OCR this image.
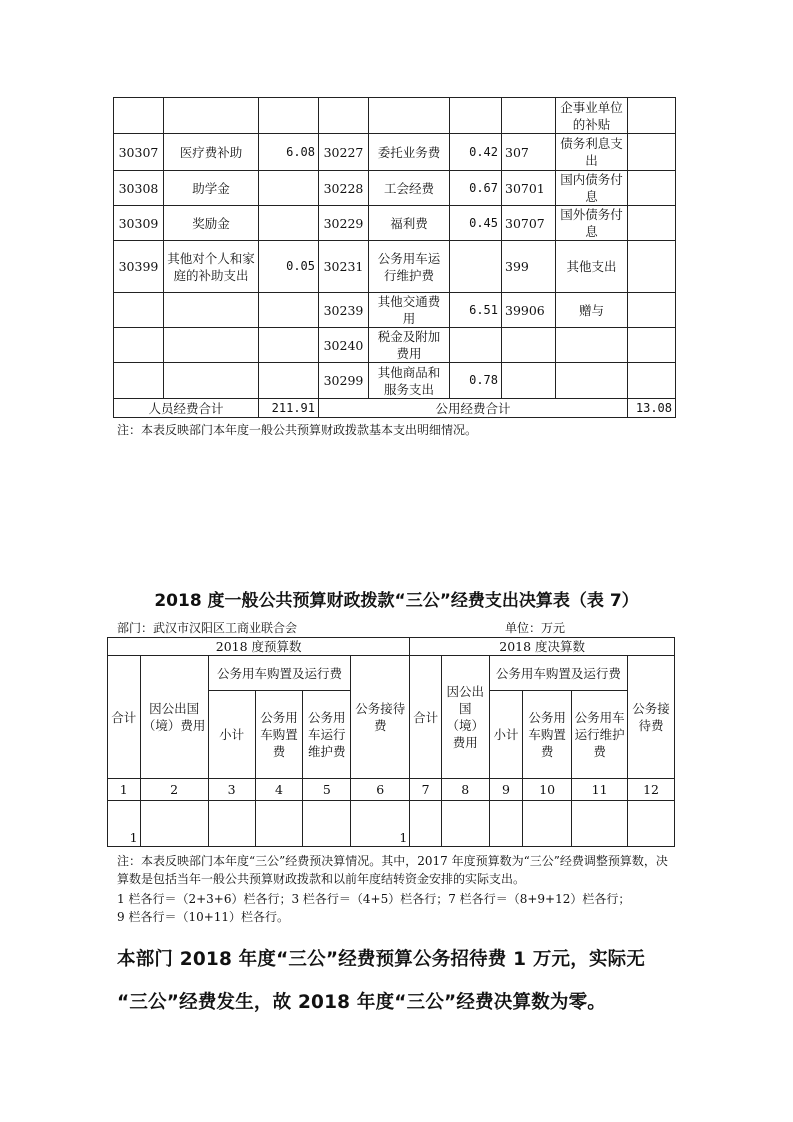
							企事业单位的补贴	
30307	医疗费补助	6.08	30227	委托业务费	0.42	307	债务利息支出	
30308	助学金		30228	工会经费	0.67	30701	国内债务付息	
30309	奖励金		30229	福利费	0.45	30707	国外债务付息	
30399	其他对个人和家庭的补助支出	0.05	30231	公务用车运行维护费		399	其他支出	
			30239	其他交通费用	6.51	39906	赠与	
			30240	税金及附加费用				
			30299	其他商品和服务支出	0.78			
人员经费合计		211.91	公用经费合计					13.08
注：本表反映部门本年度一般公共预算财政拨款基本支出明细情况。
2018 度一般公共预算财政拨款“三公”经费支出决算表（表 7）
部门：武汉市汉阳区工商业联合会	单位：万元
2018 度预算数						2018 度决算数					
合计	因公出国（境）费用	公务用车购置及运行费			公务接待费	合计	因公出国（境）费用	公务用车购置及运行费			公务接待费
		小计	公务用车购置费	公务用车运行维护费				小计	公务用车购置费	公务用车运行维护费	
1	2	3	4	5	6	7	8	9	10	11	12
1					1						
注：本表反映部门本年度“三公”经费预决算情况。其中，2017 年度预算数为“三公”经费调整预算数，决算数是包括当年一般公共预算财政拨款和以前年度结转资金安排的实际支出。
1 栏各行＝（2+3+6）栏各行；3 栏各行＝（4+5）栏各行；7 栏各行＝（8+9+12）栏各行；
9 栏各行＝（10+11）栏各行。
本部门 2018 年度“三公”经费预算公务招待费 1 万元，实际无
“三公”经费发生，故 2018 年度“三公”经费决算数为零。
